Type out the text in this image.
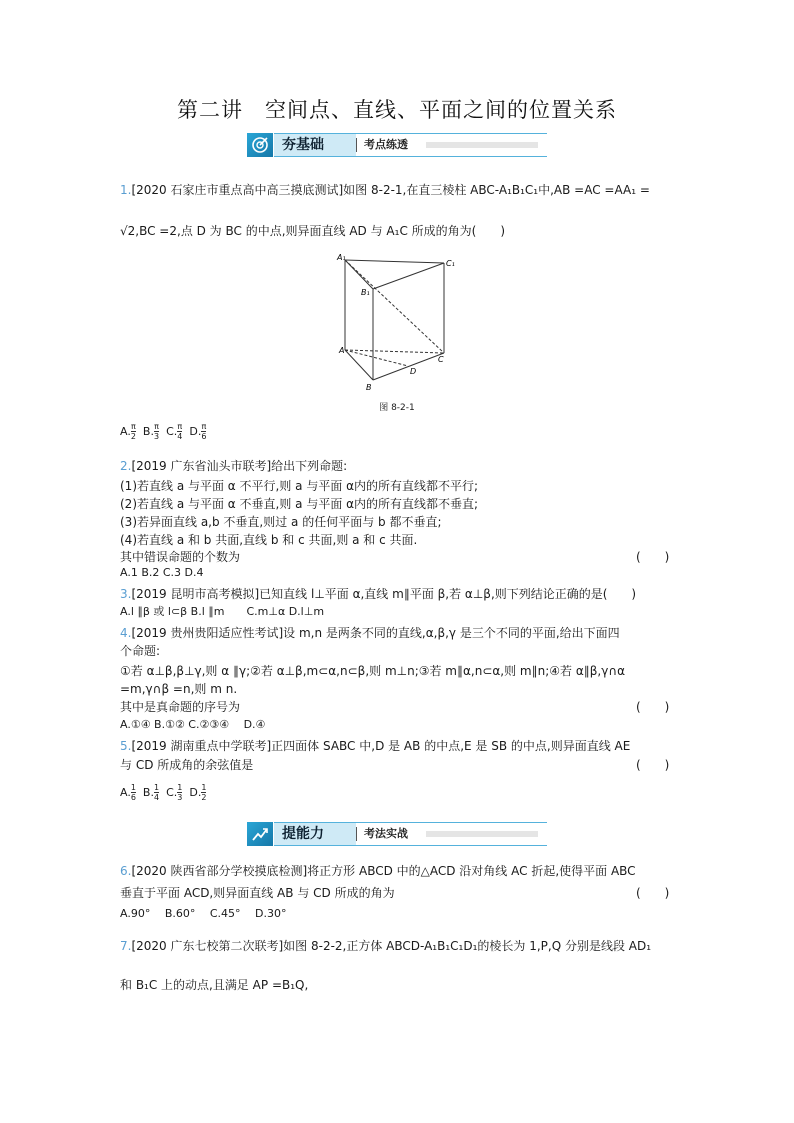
第二讲　空间点、直线、平面之间的位置关系
夯基础	考点练透
1.[2020 石家庄市重点高中高三摸底测试]如图 8-2-1,在直三棱柱 ABC-A₁B₁C₁中,AB =AC =AA₁ =
√2,BC =2,点 D 为 BC 的中点,则异面直线 AD 与 A₁C 所成的角为(　　)
A₁
C₁
B₁
A
C
B
D
图 8-2-1
$A.\frac{\pi}{2} B.\frac{\pi}{3} C.\frac{\pi}{4} D.\frac{\pi}{6}$
2.[2019 广东省汕头市联考]给出下列命题:
(1)若直线 a 与平面 α 不平行,则 a 与平面 α内的所有直线都不平行;
(2)若直线 a 与平面 α 不垂直,则 a 与平面 α内的所有直线都不垂直;
(3)若异面直线 a,b 不垂直,则过 a 的任何平面与 b 都不垂直;
(4)若直线 a 和 b 共面,直线 b 和 c 共面,则 a 和 c 共面.
其中错误命题的个数为	(　　)
A.1 B.2 C.3 D.4
3.[2019 昆明市高考模拟]已知直线 l⊥平面 α,直线 m∥平面 β,若 α⊥β,则下列结论正确的是(　　)
A.l ∥β 或 l⊂β B.l ∥m　　C.m⊥α D.l⊥m
4.[2019 贵州贵阳适应性考试]设 m,n 是两条不同的直线,α,β,γ 是三个不同的平面,给出下面四
个命题:
①若 α⊥β,β⊥γ,则 α ∥γ;②若 α⊥β,m⊂α,n⊂β,则 m⊥n;③若 m∥α,n⊂α,则 m∥n;④若 α∥β,γ∩α
=m,γ∩β =n,则 m n.
其中是真命题的序号为	(　　)
A.①④ B.①② C.②③④　 D.④
5.[2019 湖南重点中学联考]正四面体 SABC 中,D 是 AB 的中点,E 是 SB 的中点,则异面直线 AE
与 CD 所成角的余弦值是	(　　)
$A.\frac{1}{6} B.\frac{1}{4} C.\frac{1}{3} D.\frac{1}{2}$
提能力	考法实战
6.[2020 陕西省部分学校摸底检测]将正方形 ABCD 中的△ACD 沿对角线 AC 折起,使得平面 ABC
垂直于平面 ACD,则异面直线 AB 与 CD 所成的角为	(　　)
A.90°　 B.60°　 C.45°　 D.30°
7.[2020 广东七校第二次联考]如图 8-2-2,正方体 ABCD-A₁B₁C₁D₁的棱长为 1,P,Q 分别是线段 AD₁
和 B₁C 上的动点,且满足 AP =B₁Q,
